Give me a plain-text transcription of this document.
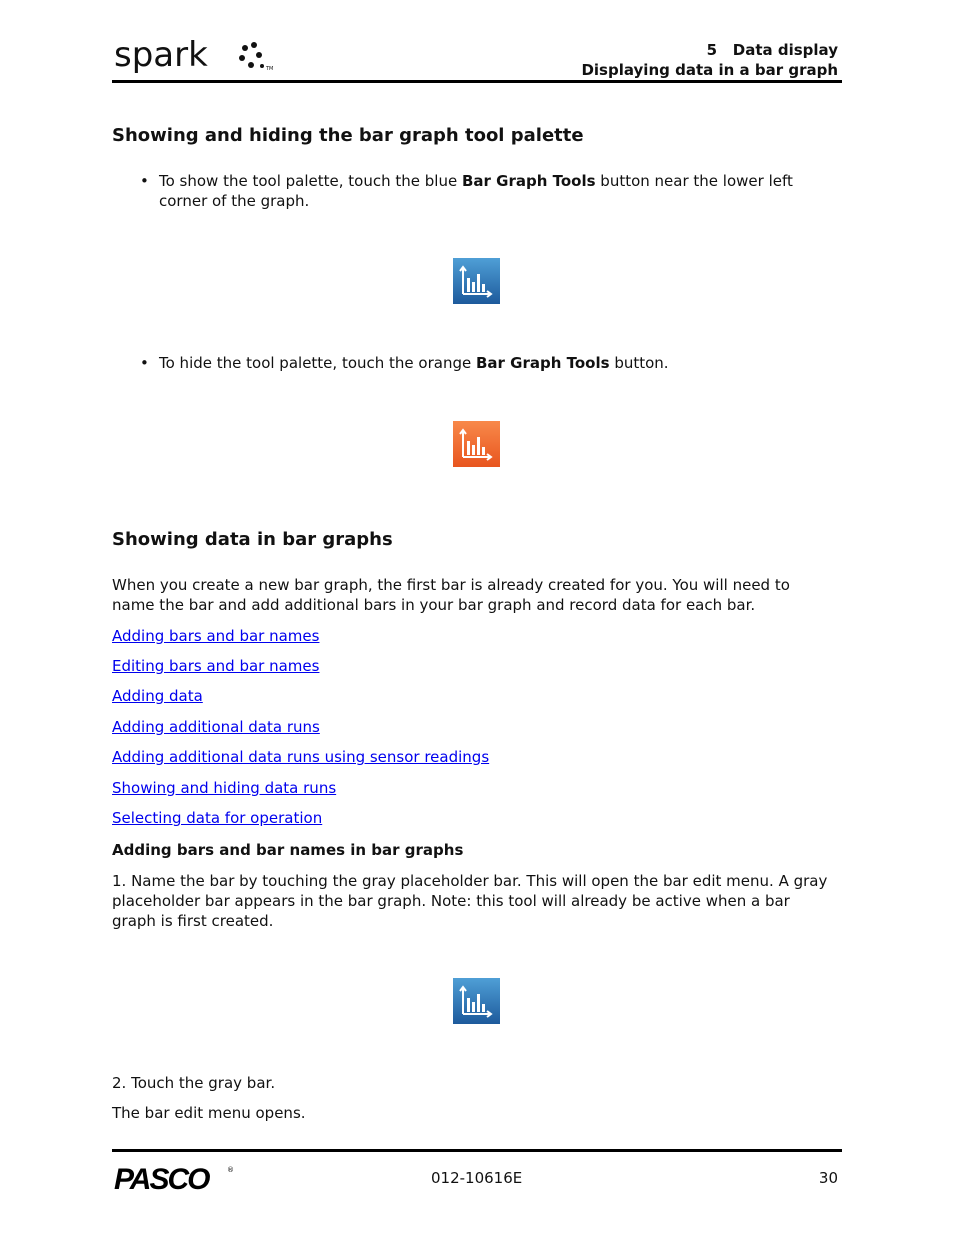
spark	TM
5   Data display
Displaying data in a bar graph
Showing and hiding the bar graph tool palette
• To show the tool palette, touch the blue Bar Graph Tools button near the lower left
corner of the graph.
• To hide the tool palette, touch the orange Bar Graph Tools button.
Showing data in bar graphs
When you create a new bar graph, the first bar is already created for you. You will need to
name the bar and add additional bars in your bar graph and record data for each bar.
Adding bars and bar names
Editing bars and bar names
Adding data
Adding additional data runs
Adding additional data runs using sensor readings
Showing and hiding data runs
Selecting data for operation
Adding bars and bar names in bar graphs
1. Name the bar by touching the gray placeholder bar. This will open the bar edit menu. A gray
placeholder bar appears in the bar graph. Note: this tool will already be active when a bar
graph is first created.
2. Touch the gray bar.
The bar edit menu opens.
PASCO	®	012-10616E	30
